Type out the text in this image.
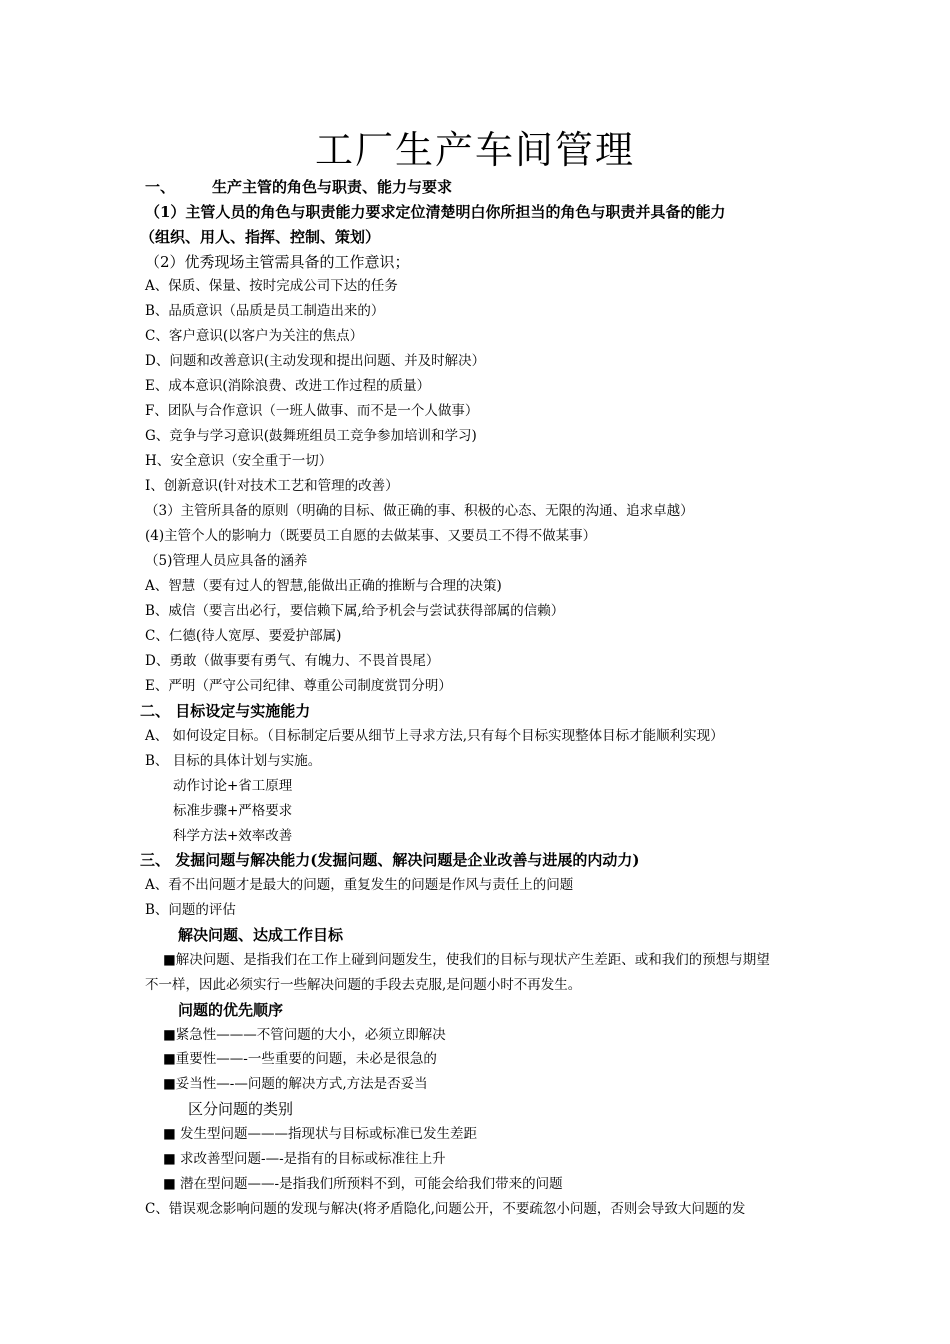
工厂生产车间管理
一、 生产主管的角色与职责、能力与要求
（1）主管人员的角色与职责能力要求定位清楚明白你所担当的角色与职责并具备的能力
（组织、用人、指挥、控制、策划）
（2）优秀现场主管需具备的工作意识；
A、保质、保量、按时完成公司下达的任务
B、品质意识（品质是员工制造出来的）
C、客户意识(以客户为关注的焦点）
D、问题和改善意识(主动发现和提出问题、并及时解决）
E、成本意识(消除浪费、改进工作过程的质量）
F、团队与合作意识（一班人做事、而不是一个人做事）
G、竞争与学习意识(鼓舞班组员工竞争参加培训和学习)
H、安全意识（安全重于一切）
I、创新意识(针对技术工艺和管理的改善）
（3）主管所具备的原则（明确的目标、做正确的事、积极的心态、无限的沟通、追求卓越）
(4)主管个人的影响力（既要员工自愿的去做某事、又要员工不得不做某事）
（5)管理人员应具备的涵养
A、智慧（要有过人的智慧,能做出正确的推断与合理的决策)
B、威信（要言出必行，要信赖下属,给予机会与尝试获得部属的信赖）
C、仁德(待人宽厚、要爱护部属)
D、勇敢（做事要有勇气、有魄力、不畏首畏尾）
E、严明（严守公司纪律、尊重公司制度赏罚分明）
二、 目标设定与实施能力
A、 如何设定目标。（目标制定后要从细节上寻求方法,只有每个目标实现整体目标才能顺利实现）
B、 目标的具体计划与实施。
动作讨论+省工原理
标准步骤+严格要求
科学方法+效率改善
三、 发掘问题与解决能力(发掘问题、解决问题是企业改善与进展的内动力)
A、看不出问题才是最大的问题，重复发生的问题是作风与责任上的问题
B、问题的评估
解决问题、达成工作目标
■解决问题、是指我们在工作上碰到问题发生，使我们的目标与现状产生差距、或和我们的预想与期望
不一样，因此必须实行一些解决问题的手段去克服,是问题小时不再发生。
问题的优先顺序
■紧急性———不管问题的大小，必须立即解决
■重要性——-一些重要的问题，未必是很急的
■妥当性—-—问题的解决方式,方法是否妥当
区分问题的类别
■ 发生型问题———指现状与目标或标准已发生差距
■ 求改善型问题-—-是指有的目标或标准往上升
■ 潜在型问题——-是指我们所预料不到，可能会给我们带来的问题
C、错误观念影响问题的发现与解决(将矛盾隐化,问题公开，不要疏忽小问题，否则会导致大问题的发
